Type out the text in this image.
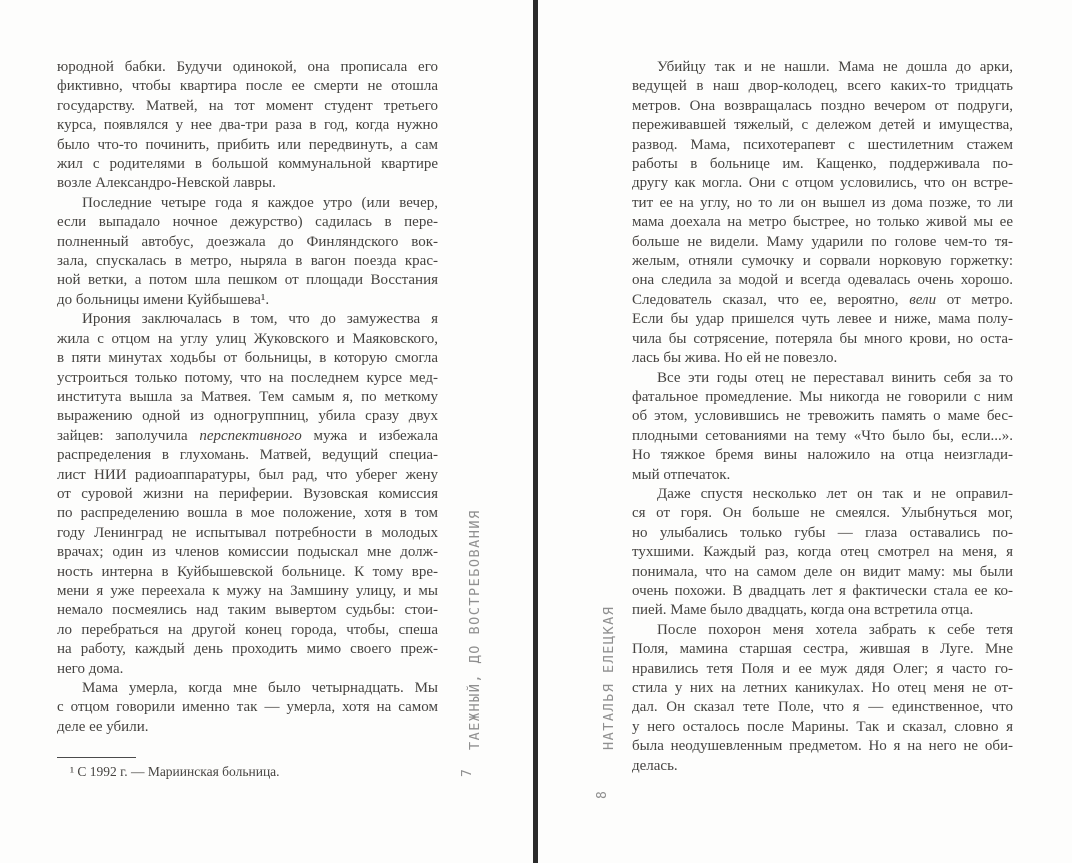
юродной бабки. Будучи одинокой, она прописала его
фиктивно, чтобы квартира после ее смерти не отошла
государству. Матвей, на тот момент студент третьего
курса, появлялся у нее два-три раза в год, когда нужно
было что-то починить, прибить или передвинуть, а сам
жил с родителями в большой коммунальной квартире
возле Александро-Невской лавры.
Последние четыре года я каждое утро (или вечер,
если выпадало ночное дежурство) садилась в пере-
полненный автобус, доезжала до Финляндского вок-
зала, спускалась в метро, ныряла в вагон поезда крас-
ной ветки, а потом шла пешком от площади Восстания
до больницы имени Куйбышева¹.
Ирония заключалась в том, что до замужества я
жила с отцом на углу улиц Жуковского и Маяковского,
в пяти минутах ходьбы от больницы, в которую смогла
устроиться только потому, что на последнем курсе мед-
института вышла за Матвея. Тем самым я, по меткому
выражению одной из одногруппниц, убила сразу двух
зайцев: заполучила перспективного мужа и избежала
распределения в глухомань. Матвей, ведущий специа-
лист НИИ радиоаппаратуры, был рад, что уберег жену
от суровой жизни на периферии. Вузовская комиссия
по распределению вошла в мое положение, хотя в том
году Ленинград не испытывал потребности в молодых
врачах; один из членов комиссии подыскал мне долж-
ность интерна в Куйбышевской больнице. К тому вре-
мени я уже переехала к мужу на Замшину улицу, и мы
немало посмеялись над таким вывертом судьбы: стои-
ло перебраться на другой конец города, чтобы, спеша
на работу, каждый день проходить мимо своего преж-
него дома.
Мама умерла, когда мне было четырнадцать. Мы
с отцом говорили именно так — умерла, хотя на самом
деле ее убили.
¹ С 1992 г. — Мариинская больница.
ТАЕЖНЫЙ, ДО ВОСТРЕБОВАНИЯ
7
Убийцу так и не нашли. Мама не дошла до арки,
ведущей в наш двор-колодец, всего каких-то тридцать
метров. Она возвращалась поздно вечером от подруги,
переживавшей тяжелый, с дележом детей и имущества,
развод. Мама, психотерапевт с шестилетним стажем
работы в больнице им. Кащенко, поддерживала по-
другу как могла. Они с отцом условились, что он встре-
тит ее на углу, но то ли он вышел из дома позже, то ли
мама доехала на метро быстрее, но только живой мы ее
больше не видели. Маму ударили по голове чем-то тя-
желым, отняли сумочку и сорвали норковую горжетку:
она следила за модой и всегда одевалась очень хорошо.
Следователь сказал, что ее, вероятно, вели от метро.
Если бы удар пришелся чуть левее и ниже, мама полу-
чила бы сотрясение, потеряла бы много крови, но оста-
лась бы жива. Но ей не повезло.
Все эти годы отец не переставал винить себя за то
фатальное промедление. Мы никогда не говорили с ним
об этом, условившись не тревожить память о маме бес-
плодными сетованиями на тему «Что было бы, если...».
Но тяжкое бремя вины наложило на отца неизглади-
мый отпечаток.
Даже спустя несколько лет он так и не оправил-
ся от горя. Он больше не смеялся. Улыбнуться мог,
но улыбались только губы — глаза оставались по-
тухшими. Каждый раз, когда отец смотрел на меня, я
понимала, что на самом деле он видит маму: мы были
очень похожи. В двадцать лет я фактически стала ее ко-
пией. Маме было двадцать, когда она встретила отца.
После похорон меня хотела забрать к себе тетя
Поля, мамина старшая сестра, жившая в Луге. Мне
нравились тетя Поля и ее муж дядя Олег; я часто го-
стила у них на летних каникулах. Но отец меня не от-
дал. Он сказал тете Поле, что я — единственное, что
у него осталось после Марины. Так и сказал, словно я
была неодушевленным предметом. Но я на него не оби-
делась.
НАТАЛЬЯ ЕЛЕЦКАЯ
8
